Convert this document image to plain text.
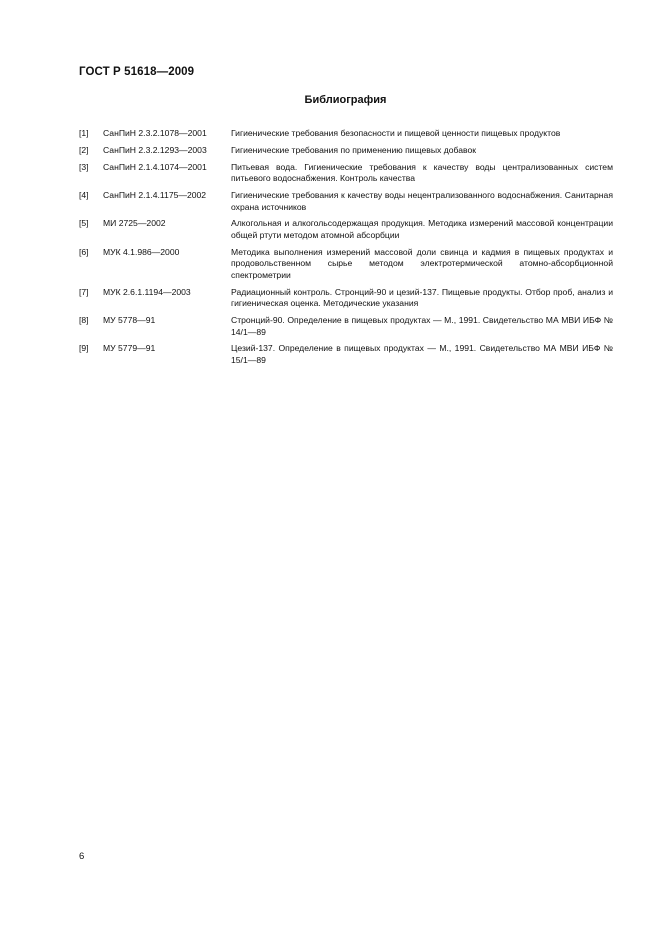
ГОСТ Р 51618—2009
Библиография
[1]	СанПиН 2.3.2.1078—2001	Гигиенические требования безопасности и пищевой ценности пищевых продуктов
[2]	СанПиН 2.3.2.1293—2003	Гигиенические требования по применению пищевых добавок
[3]	СанПиН 2.1.4.1074—2001	Питьевая вода. Гигиенические требования к качеству воды централизованных систем питьевого водоснабжения. Контроль качества
[4]	СанПиН 2.1.4.1175—2002	Гигиенические требования к качеству воды нецентрализованного водоснабжения. Санитарная охрана источников
[5]	МИ 2725—2002	Алкогольная и алкогольсодержащая продукция. Методика измерений массовой концентрации общей ртути методом атомной абсорбции
[6]	МУК 4.1.986—2000	Методика выполнения измерений массовой доли свинца и кадмия в пищевых продуктах и продовольственном сырье методом электротермической атомно-абсорбционной спектрометрии
[7]	МУК 2.6.1.1194—2003	Радиационный контроль. Стронций-90 и цезий-137. Пищевые продукты. Отбор проб, анализ и гигиеническая оценка. Методические указания
[8]	МУ 5778—91	Стронций-90. Определение в пищевых продуктах — М., 1991. Свидетельство МА МВИ ИБФ № 14/1—89
[9]	МУ 5779—91	Цезий-137. Определение в пищевых продуктах — М., 1991. Свидетельство МА МВИ ИБФ № 15/1—89
6
